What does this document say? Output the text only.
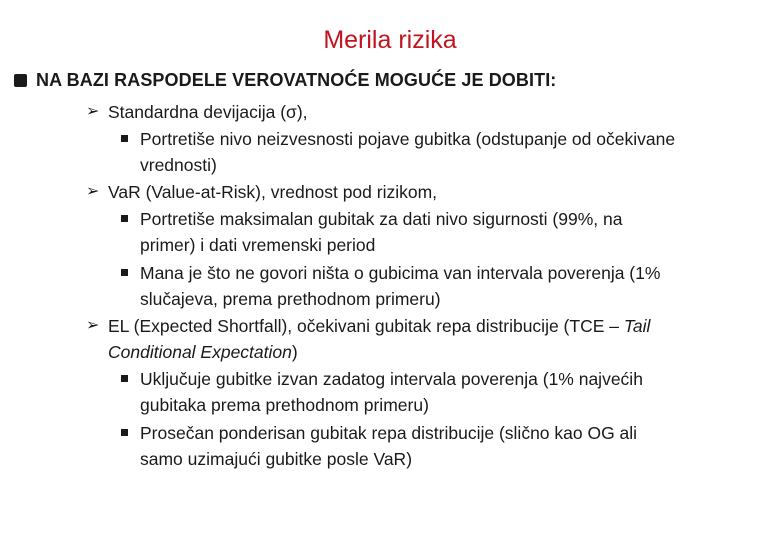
Merila rizika
NA BAZI RASPODELE VEROVATNOĆE MOGUĆE JE DOBITI:
➢ Standardna devijacija (σ),
Portretiše nivo neizvesnosti pojave gubitka (odstupanje od očekivane
vrednosti)
➢ VaR (Value-at-Risk), vrednost pod rizikom,
Portretiše maksimalan gubitak za dati nivo sigurnosti (99%, na
primer) i dati vremenski period
Mana je što ne govori ništa o gubicima van intervala poverenja (1%
slučajeva, prema prethodnom primeru)
➢ EL (Expected Shortfall), očekivani gubitak repa distribucije (TCE – Tail
Conditional Expectation)
Uključuje gubitke izvan zadatog intervala poverenja (1% najvećih
gubitaka prema prethodnom primeru)
Prosečan ponderisan gubitak repa distribucije (slično kao OG ali
samo uzimajući gubitke posle VaR)
